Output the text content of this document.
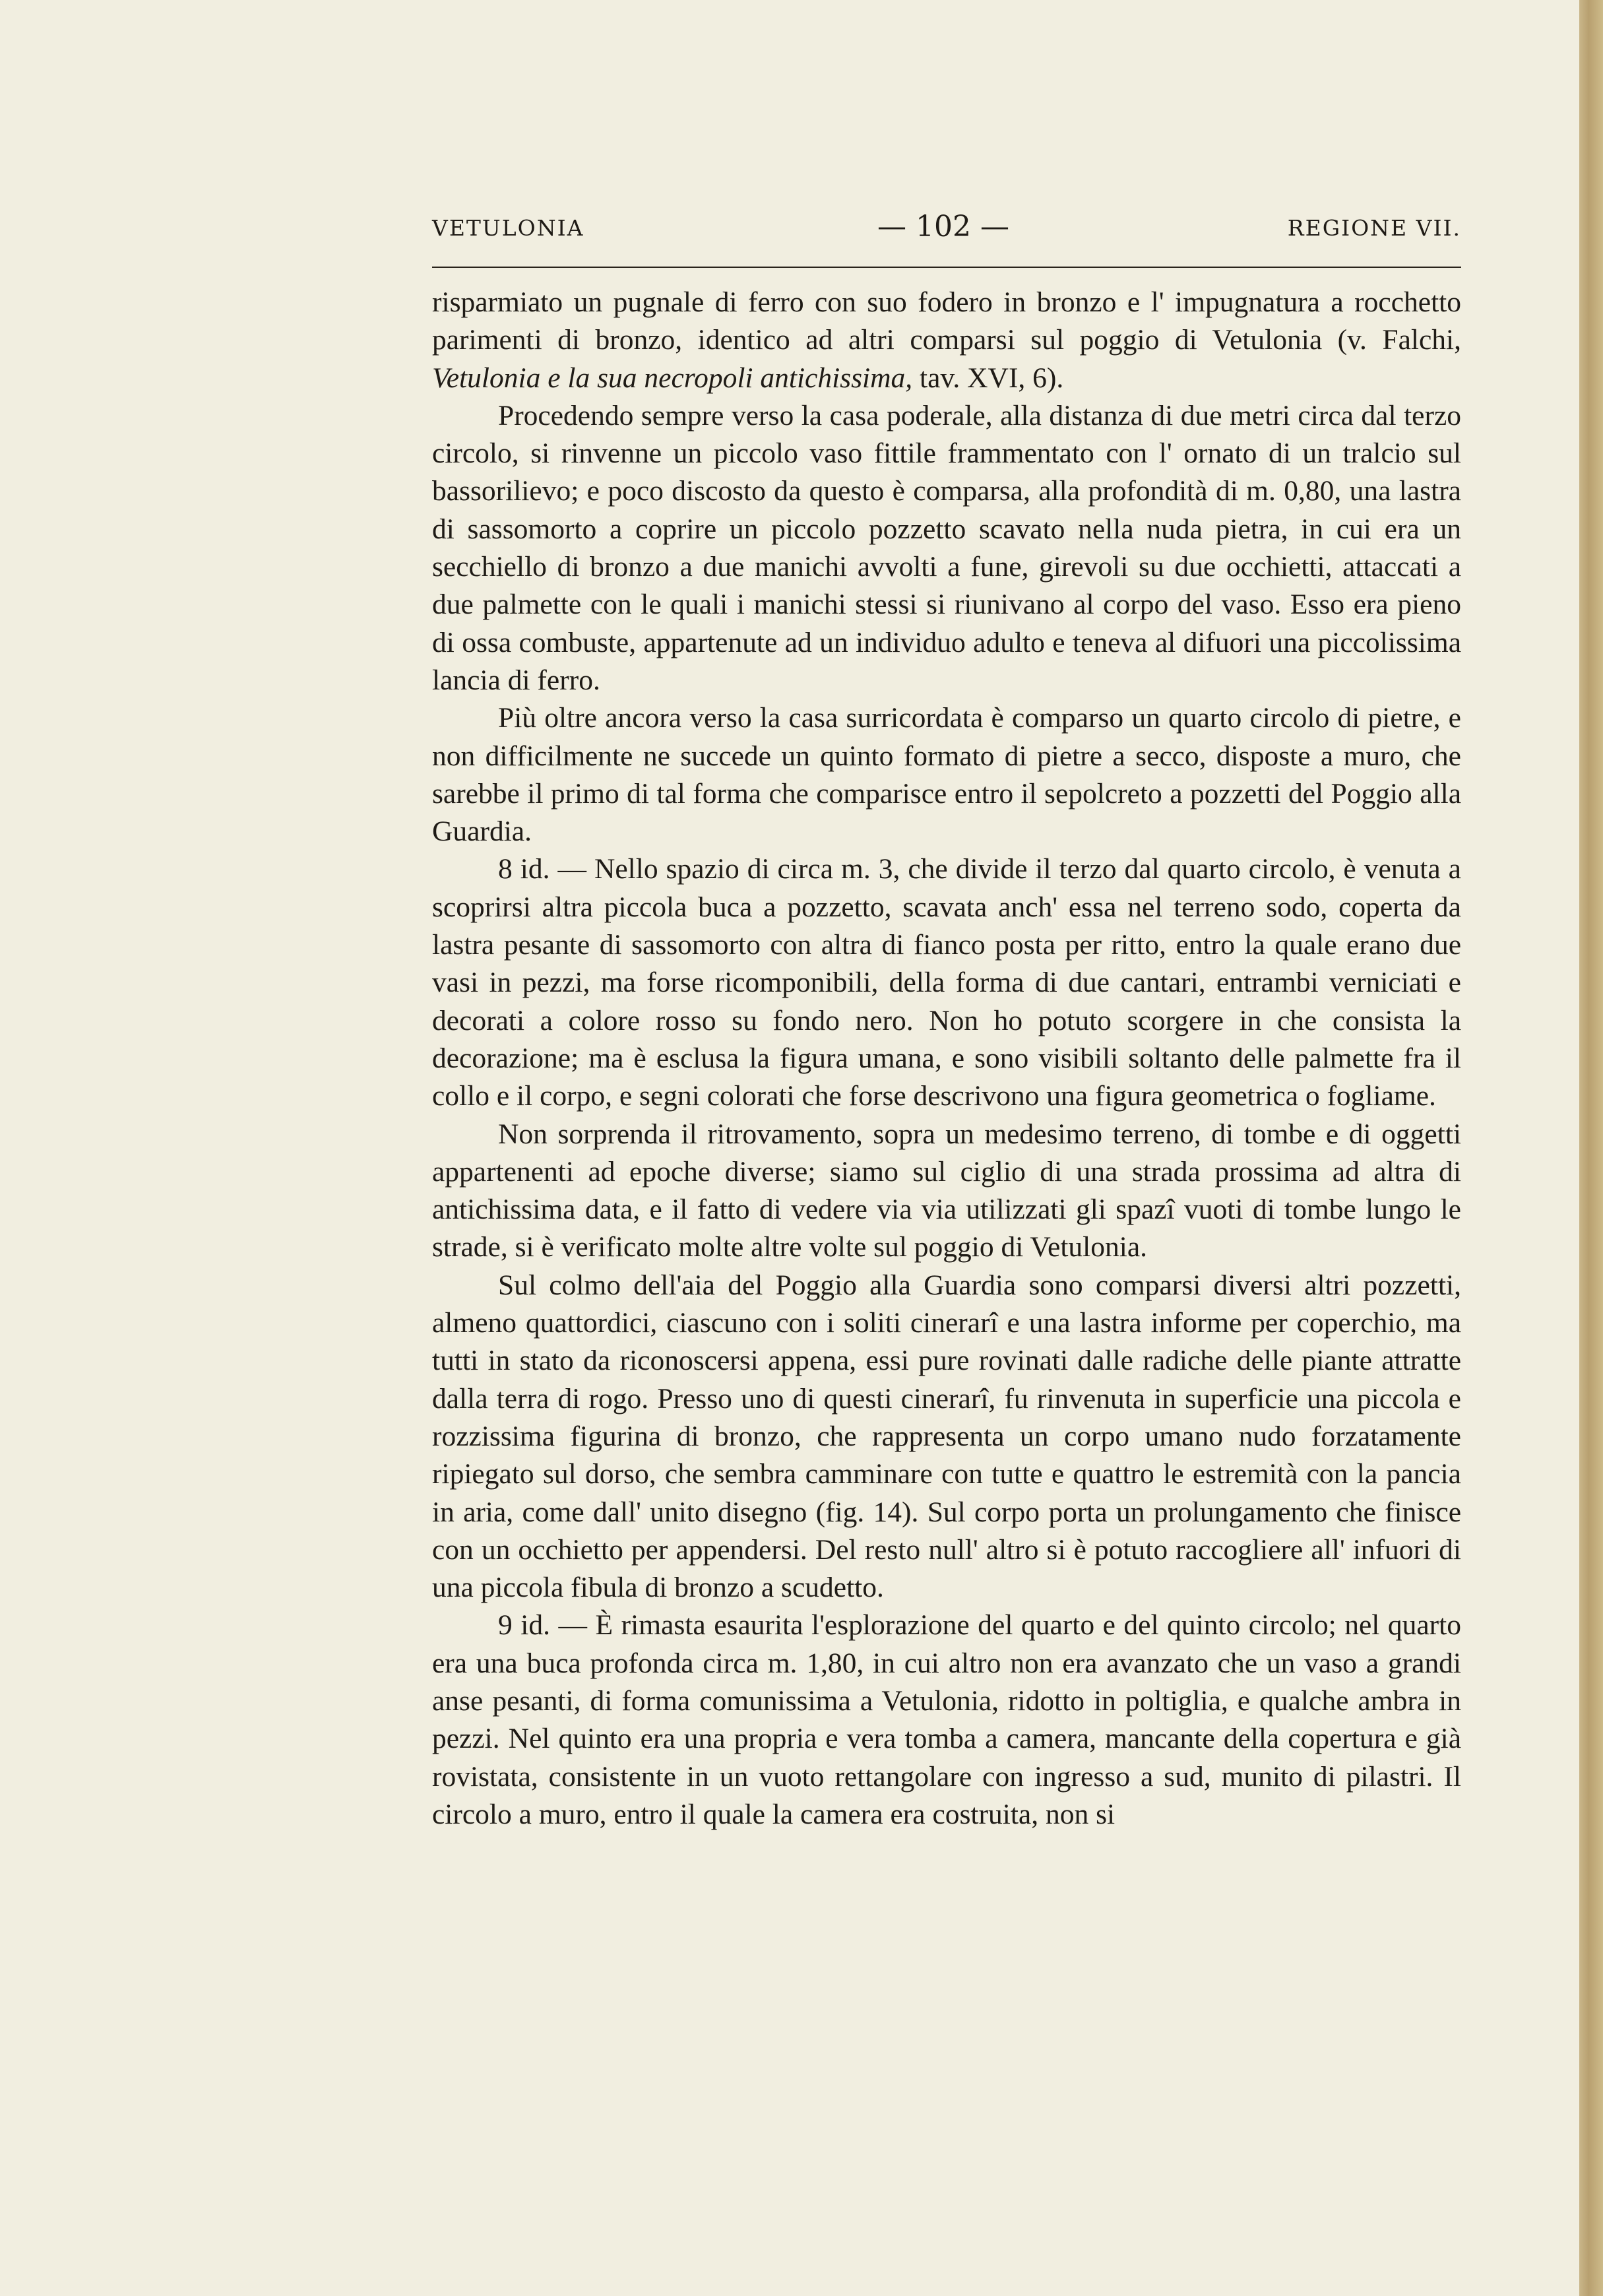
VETULONIA	— 102 —	REGIONE VII.

risparmiato un pugnale di ferro con suo fodero in bronzo e l' impugnatura a rocchetto parimenti di bronzo, identico ad altri comparsi sul poggio di Vetulonia (v. Falchi, Vetulonia e la sua necropoli antichissima, tav. XVI, 6).

Procedendo sempre verso la casa poderale, alla distanza di due metri circa dal terzo circolo, si rinvenne un piccolo vaso fittile frammentato con l' ornato di un tralcio sul bassorilievo; e poco discosto da questo è comparsa, alla profondità di m. 0,80, una lastra di sassomorto a coprire un piccolo pozzetto scavato nella nuda pietra, in cui era un secchiello di bronzo a due manichi avvolti a fune, girevoli su due occhietti, attaccati a due palmette con le quali i manichi stessi si riunivano al corpo del vaso. Esso era pieno di ossa combuste, appartenute ad un individuo adulto e teneva al difuori una piccolissima lancia di ferro.

Più oltre ancora verso la casa surricordata è comparso un quarto circolo di pietre, e non difficilmente ne succede un quinto formato di pietre a secco, disposte a muro, che sarebbe il primo di tal forma che comparisce entro il sepolcreto a pozzetti del Poggio alla Guardia.

8 id. — Nello spazio di circa m. 3, che divide il terzo dal quarto circolo, è venuta a scoprirsi altra piccola buca a pozzetto, scavata anch' essa nel terreno sodo, coperta da lastra pesante di sassomorto con altra di fianco posta per ritto, entro la quale erano due vasi in pezzi, ma forse ricomponibili, della forma di due cantari, entrambi verniciati e decorati a colore rosso su fondo nero. Non ho potuto scorgere in che consista la decorazione; ma è esclusa la figura umana, e sono visibili soltanto delle palmette fra il collo e il corpo, e segni colorati che forse descrivono una figura geometrica o fogliame.

Non sorprenda il ritrovamento, sopra un medesimo terreno, di tombe e di oggetti appartenenti ad epoche diverse; siamo sul ciglio di una strada prossima ad altra di antichissima data, e il fatto di vedere via via utilizzati gli spazî vuoti di tombe lungo le strade, si è verificato molte altre volte sul poggio di Vetulonia.

Sul colmo dell'aia del Poggio alla Guardia sono comparsi diversi altri pozzetti, almeno quattordici, ciascuno con i soliti cinerarî e una lastra informe per coperchio, ma tutti in stato da riconoscersi appena, essi pure rovinati dalle radiche delle piante attratte dalla terra di rogo. Presso uno di questi cinerarî, fu rinvenuta in superficie una piccola e rozzissima figurina di bronzo, che rappresenta un corpo umano nudo forzatamente ripiegato sul dorso, che sembra camminare con tutte e quattro le estremità con la pancia in aria, come dall' unito disegno (fig. 14). Sul corpo porta un prolungamento che finisce con un occhietto per appendersi. Del resto null' altro si è potuto raccogliere all' infuori di una piccola fibula di bronzo a scudetto.

9 id. — È rimasta esaurita l'esplorazione del quarto e del quinto circolo; nel quarto era una buca profonda circa m. 1,80, in cui altro non era avanzato che un vaso a grandi anse pesanti, di forma comunissima a Vetulonia, ridotto in poltiglia, e qualche ambra in pezzi. Nel quinto era una propria e vera tomba a camera, mancante della copertura e già rovistata, consistente in un vuoto rettangolare con ingresso a sud, munito di pilastri. Il circolo a muro, entro il quale la camera era costruita, non si
